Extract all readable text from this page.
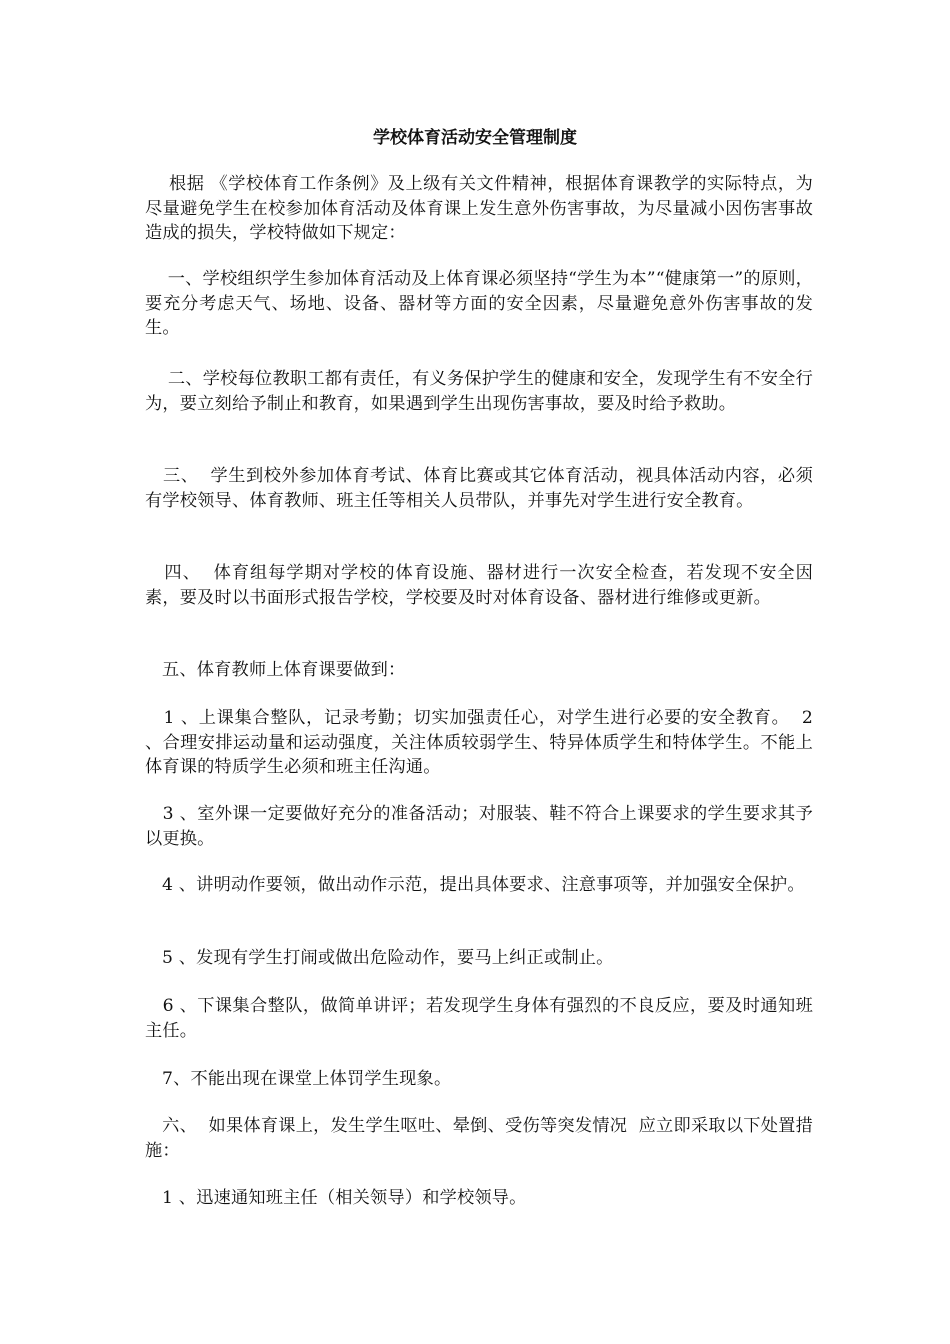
学校体育活动安全管理制度

根据 《学校体育工作条例》及上级有关文件精神，根据体育课教学的实际特点，为尽量避免学生在校参加体育活动及体育课上发生意外伤害事故，为尽量减小因伤害事故造成的损失，学校特做如下规定：

一、学校组织学生参加体育活动及上体育课必须坚持“学生为本”“健康第一”的原则，要充分考虑天气、场地、设备、器材等方面的安全因素，尽量避免意外伤害事故的发生。

二、学校每位教职工都有责任，有义务保护学生的健康和安全，发现学生有不安全行为，要立刻给予制止和教育，如果遇到学生出现伤害事故，要及时给予救助。

三、  学生到校外参加体育考试、体育比赛或其它体育活动，视具体活动内容，必须有学校领导、体育教师、班主任等相关人员带队，并事先对学生进行安全教育。

四、  体育组每学期对学校的体育设施、器材进行一次安全检查，若发现不安全因素，要及时以书面形式报告学校，学校要及时对体育设备、器材进行维修或更新。

五、体育教师上体育课要做到：

1 、上课集合整队，记录考勤；切实加强责任心，对学生进行必要的安全教育。  2 、合理安排运动量和运动强度，关注体质较弱学生、特异体质学生和特体学生。不能上体育课的特质学生必须和班主任沟通。

3 、室外课一定要做好充分的准备活动；对服装、鞋不符合上课要求的学生要求其予以更换。

4 、讲明动作要领，做出动作示范，提出具体要求、注意事项等，并加强安全保护。

5 、发现有学生打闹或做出危险动作，要马上纠正或制止。

6 、下课集合整队，做简单讲评；若发现学生身体有强烈的不良反应，要及时通知班主任。

7、不能出现在课堂上体罚学生现象。

六、  如果体育课上，发生学生呕吐、晕倒、受伤等突发情况  应立即采取以下处置措施：

1 、迅速通知班主任（相关领导）和学校领导。
